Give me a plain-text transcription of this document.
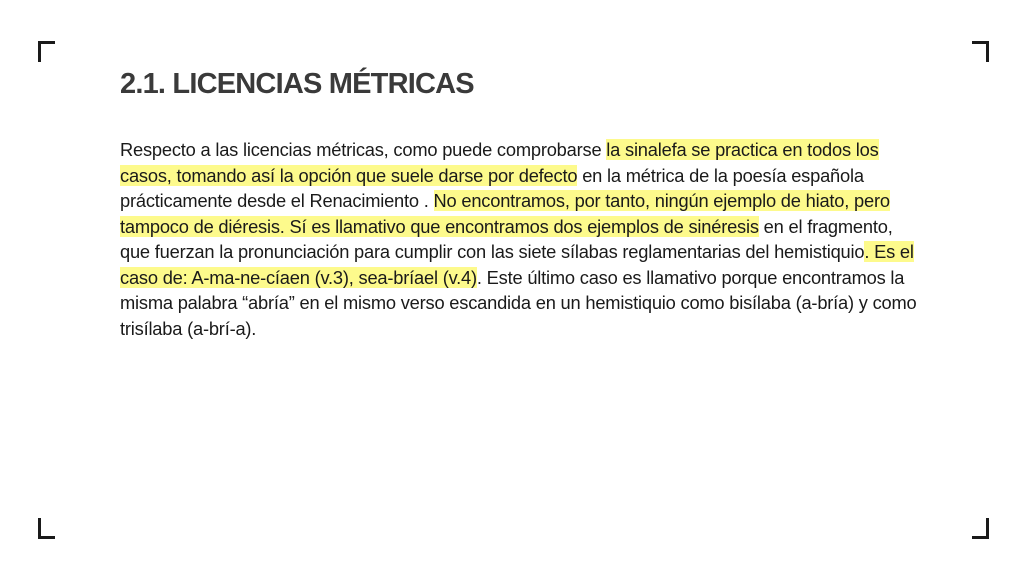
2.1. LICENCIAS MÉTRICAS

Respecto a las licencias métricas, como puede comprobarse la sinalefa se practica en todos los casos, tomando así la opción que suele darse por defecto en la métrica de la poesía española prácticamente desde el Renacimiento . No encontramos, por tanto, ningún ejemplo de hiato, pero tampoco de diéresis. Sí es llamativo que encontramos dos ejemplos de sinéresis en el fragmento, que fuerzan la pronunciación para cumplir con las siete sílabas reglamentarias del hemistiquio. Es el caso de: A-ma-ne-cíaen (v.3), sea-bríael (v.4). Este último caso es llamativo porque encontramos la misma palabra “abría” en el mismo verso escandida en un hemistiquio como bisílaba (a-bría) y como trisílaba (a-brí-a).
